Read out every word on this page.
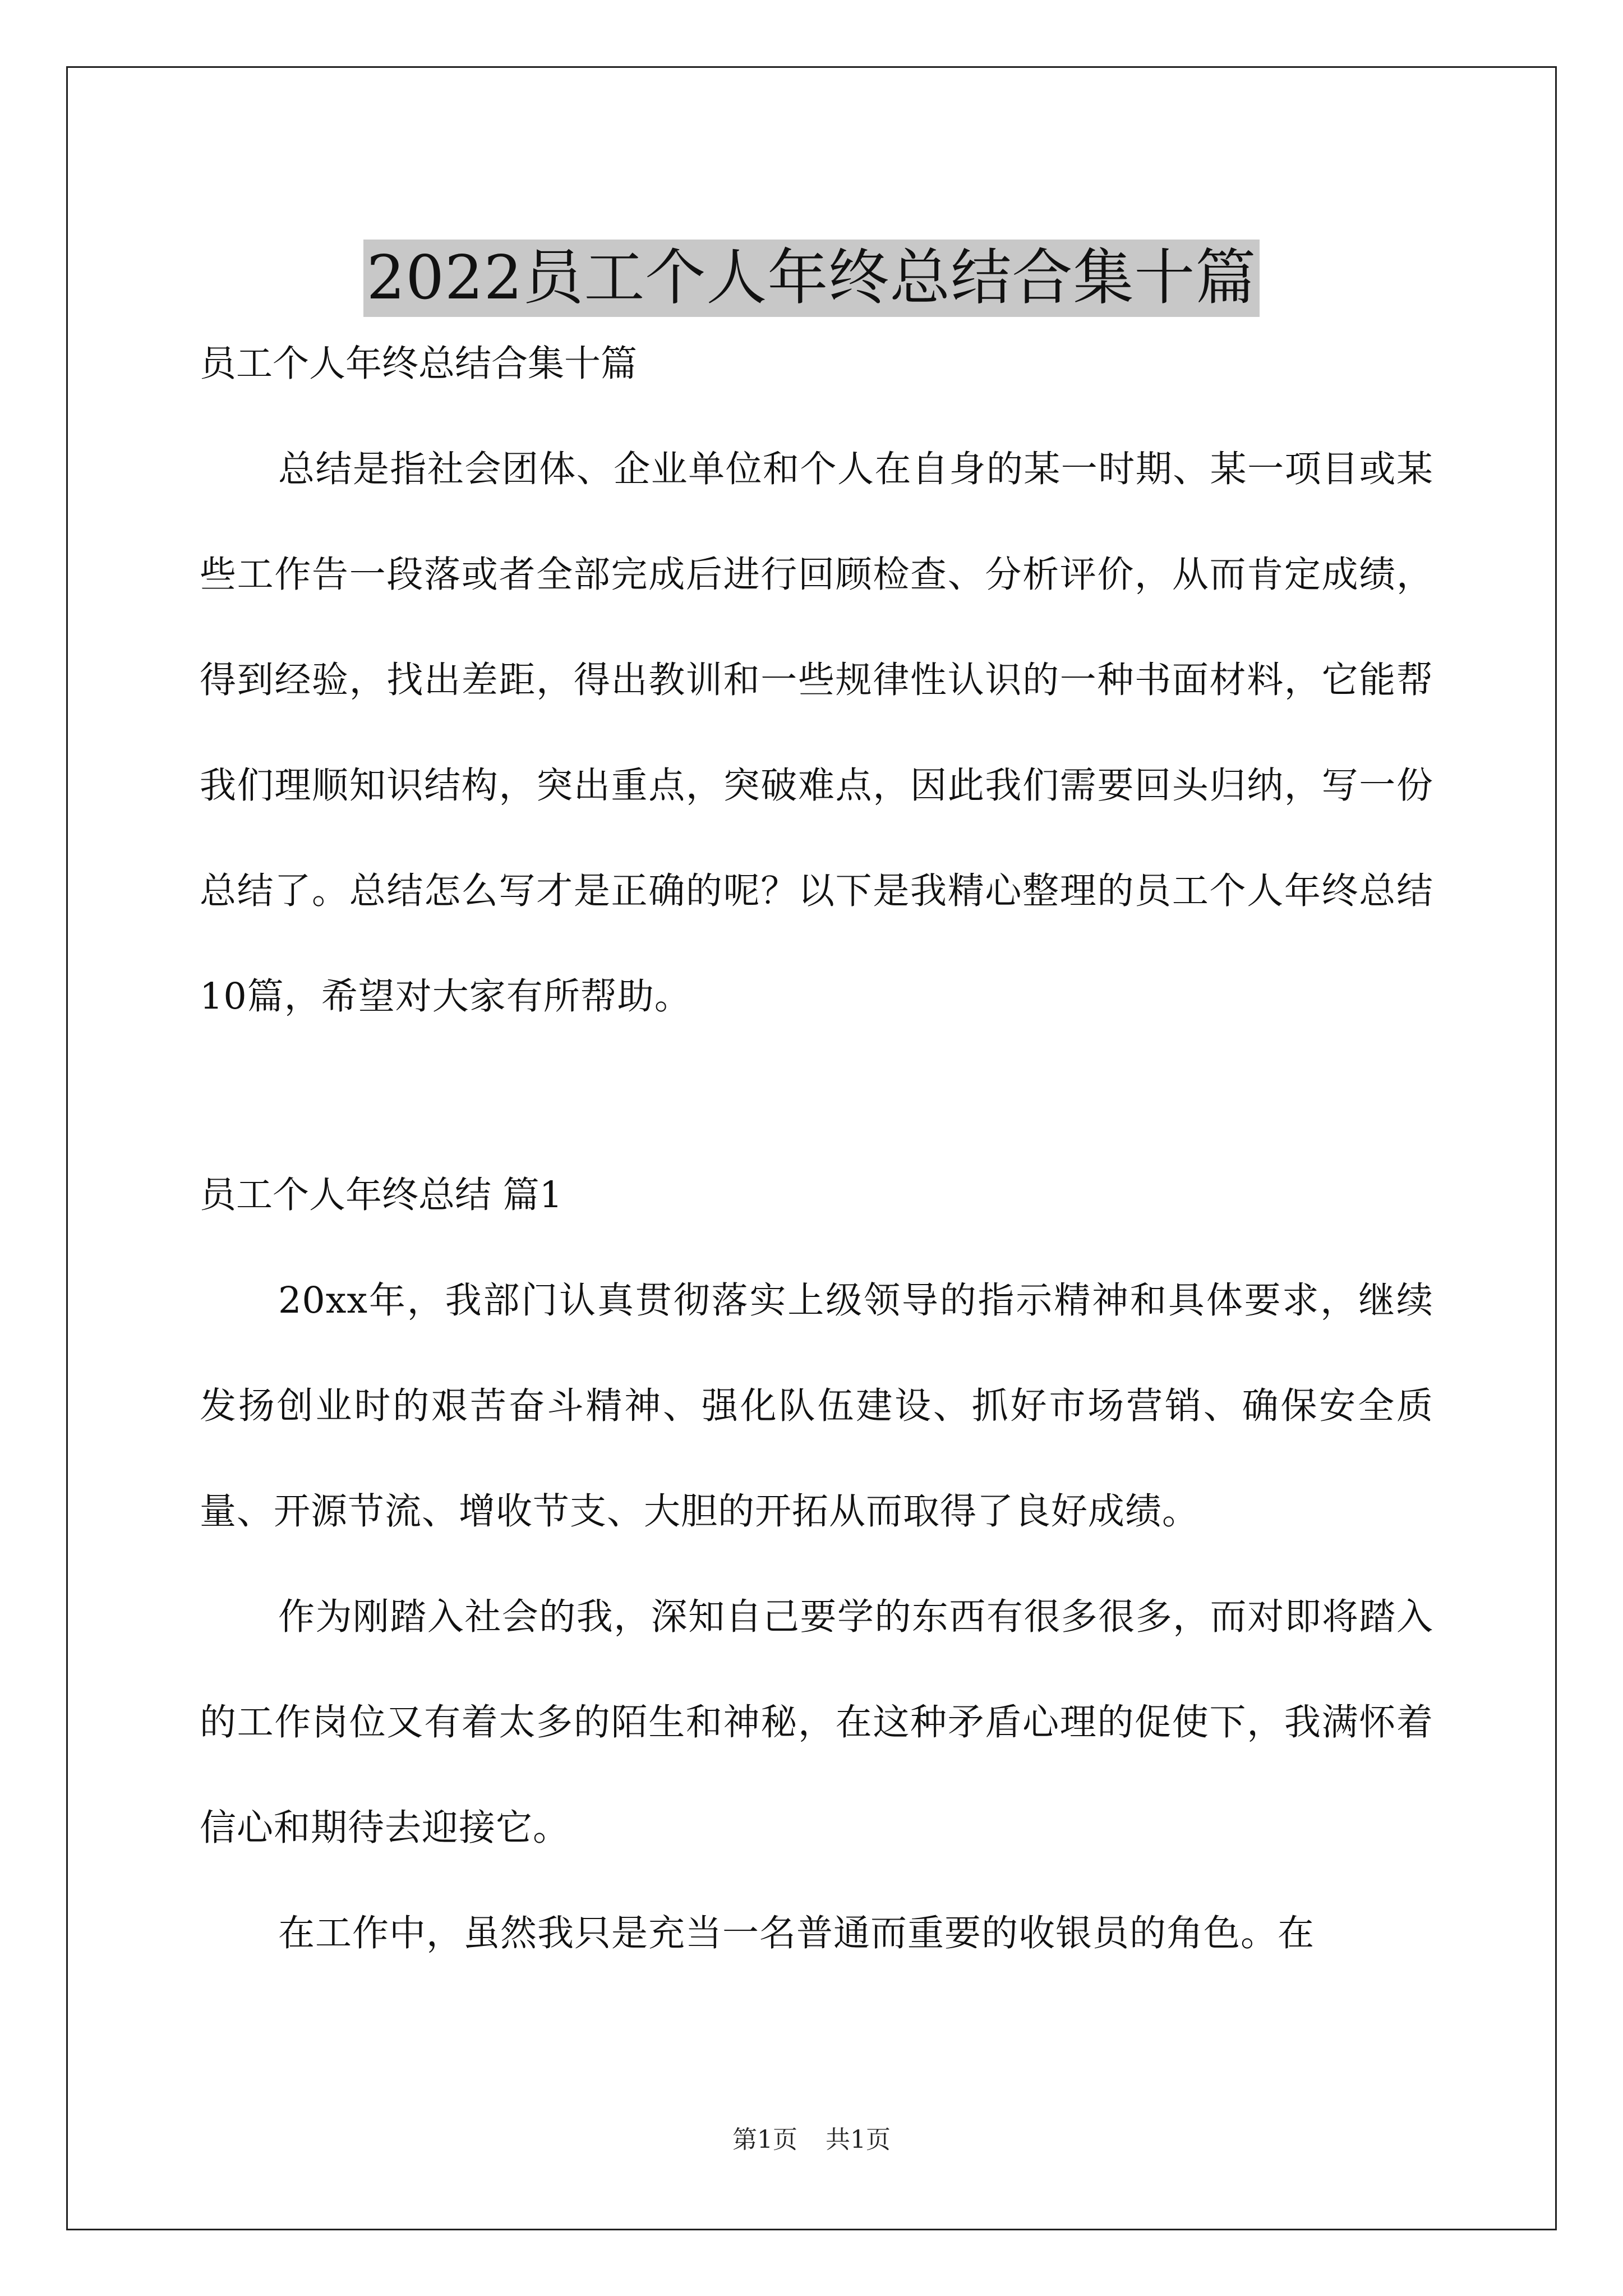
2022员工个人年终总结合集十篇

员工个人年终总结合集十篇

总结是指社会团体、企业单位和个人在自身的某一时期、某一项目或某些工作告一段落或者全部完成后进行回顾检查、分析评价，从而肯定成绩，得到经验，找出差距，得出教训和一些规律性认识的一种书面材料，它能帮我们理顺知识结构，突出重点，突破难点，因此我们需要回头归纳，写一份总结了。总结怎么写才是正确的呢？以下是我精心整理的员工个人年终总结10篇，希望对大家有所帮助。

员工个人年终总结 篇1

20xx年，我部门认真贯彻落实上级领导的指示精神和具体要求，继续发扬创业时的艰苦奋斗精神、强化队伍建设、抓好市场营销、确保安全质量、开源节流、增收节支、大胆的开拓从而取得了良好成绩。

作为刚踏入社会的我，深知自己要学的东西有很多很多，而对即将踏入的工作岗位又有着太多的陌生和神秘，在这种矛盾心理的促使下，我满怀着信心和期待去迎接它。

在工作中，虽然我只是充当一名普通而重要的收银员的角色。在

第1页 共1页
